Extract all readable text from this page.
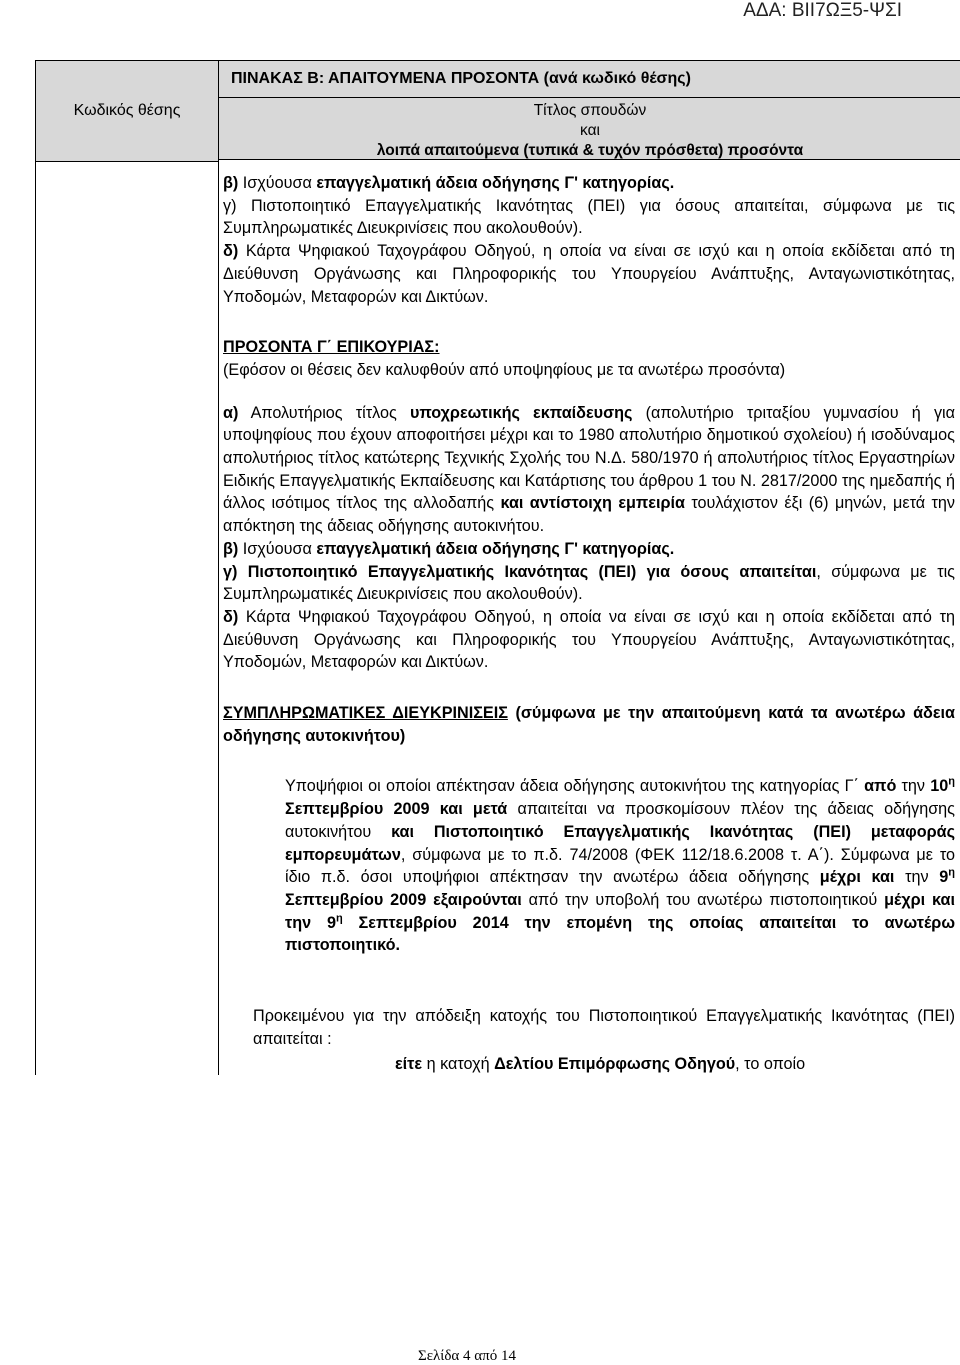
ΑΔΑ: ΒΙΙ7ΩΞ5-ΨΣΙ
Κωδικός θέσης
ΠΙΝΑΚΑΣ Β: ΑΠΑΙΤΟΥΜΕΝΑ ΠΡΟΣΟΝΤΑ (ανά κωδικό θέσης)
Τίτλος σπουδών
και
λοιπά απαιτούμενα (τυπικά & τυχόν πρόσθετα) προσόντα

β) Ισχύουσα επαγγελματική άδεια οδήγησης Γ' κατηγορίας.

γ) Πιστοποιητικό Επαγγελματικής Ικανότητας (ΠΕΙ) για όσους απαιτείται, σύμφωνα με τις Συμπληρωματικές Διευκρινίσεις που ακολουθούν).

δ) Κάρτα Ψηφιακού Ταχογράφου Οδηγού, η οποία να είναι σε ισχύ και η οποία εκδίδεται από τη Διεύθυνση Οργάνωσης και Πληροφορικής του Υπουργείου Ανάπτυξης, Ανταγωνιστικότητας, Υποδομών, Μεταφορών και Δικτύων.

ΠΡΟΣΟΝΤΑ Γ΄ ΕΠΙΚΟΥΡΙΑΣ:

(Εφόσον οι θέσεις δεν καλυφθούν από υποψηφίους με τα ανωτέρω προσόντα)

α) Απολυτήριος τίτλος υποχρεωτικής εκπαίδευσης (απολυτήριο τριταξίου γυμνασίου ή για υποψηφίους που έχουν αποφοιτήσει μέχρι και το 1980 απολυτήριο δημοτικού σχολείου) ή ισοδύναμος απολυτήριος τίτλος κατώτερης Τεχνικής Σχολής του Ν.Δ. 580/1970 ή απολυτήριος τίτλος Εργαστηρίων Ειδικής Επαγγελματικής Εκπαίδευσης και Κατάρτισης του άρθρου 1 του Ν. 2817/2000 της ημεδαπής ή άλλος ισότιμος τίτλος της αλλοδαπής και αντίστοιχη εμπειρία τουλάχιστον έξι (6) μηνών, μετά την απόκτηση της άδειας οδήγησης αυτοκινήτου.

β) Ισχύουσα επαγγελματική άδεια οδήγησης Γ' κατηγορίας.

γ) Πιστοποιητικό Επαγγελματικής Ικανότητας (ΠΕΙ) για όσους απαιτείται, σύμφωνα με τις Συμπληρωματικές Διευκρινίσεις που ακολουθούν).

δ) Κάρτα Ψηφιακού Ταχογράφου Οδηγού, η οποία να είναι σε ισχύ και η οποία εκδίδεται από τη Διεύθυνση Οργάνωσης και Πληροφορικής του Υπουργείου Ανάπτυξης, Ανταγωνιστικότητας, Υποδομών, Μεταφορών και Δικτύων.

ΣΥΜΠΛΗΡΩΜΑΤΙΚΕΣ ΔΙΕΥΚΡΙΝΙΣΕΙΣ (σύμφωνα με την απαιτούμενη κατά τα ανωτέρω άδεια οδήγησης αυτοκινήτου)

Υποψήφιοι οι οποίοι απέκτησαν άδεια οδήγησης αυτοκινήτου της κατηγορίας Γ΄ από την $10^\eta$ Σεπτεμβρίου 2009 και μετά απαιτείται να προσκομίσουν πλέον της άδειας οδήγησης αυτοκινήτου και Πιστοποιητικό Επαγγελματικής Ικανότητας (ΠΕΙ) μεταφοράς εμπορευμάτων, σύμφωνα με το π.δ. 74/2008 (ΦΕΚ 112/18.6.2008 τ. Α΄). Σύμφωνα με το ίδιο π.δ. όσοι υποψήφιοι απέκτησαν την ανωτέρω άδεια οδήγησης μέχρι και την $9^\eta$ Σεπτεμβρίου 2009 εξαιρούνται από την υποβολή του ανωτέρω πιστοποιητικού μέχρι και την $9^\eta$ Σεπτεμβρίου 2014 την επομένη της οποίας απαιτείται το ανωτέρω πιστοποιητικό.

Προκειμένου για την απόδειξη κατοχής του Πιστοποιητικού Επαγγελματικής Ικανότητας (ΠΕΙ) απαιτείται :

είτε η κατοχή Δελτίου Επιμόρφωσης Οδηγού, το οποίο

Σελίδα 4 από 14
